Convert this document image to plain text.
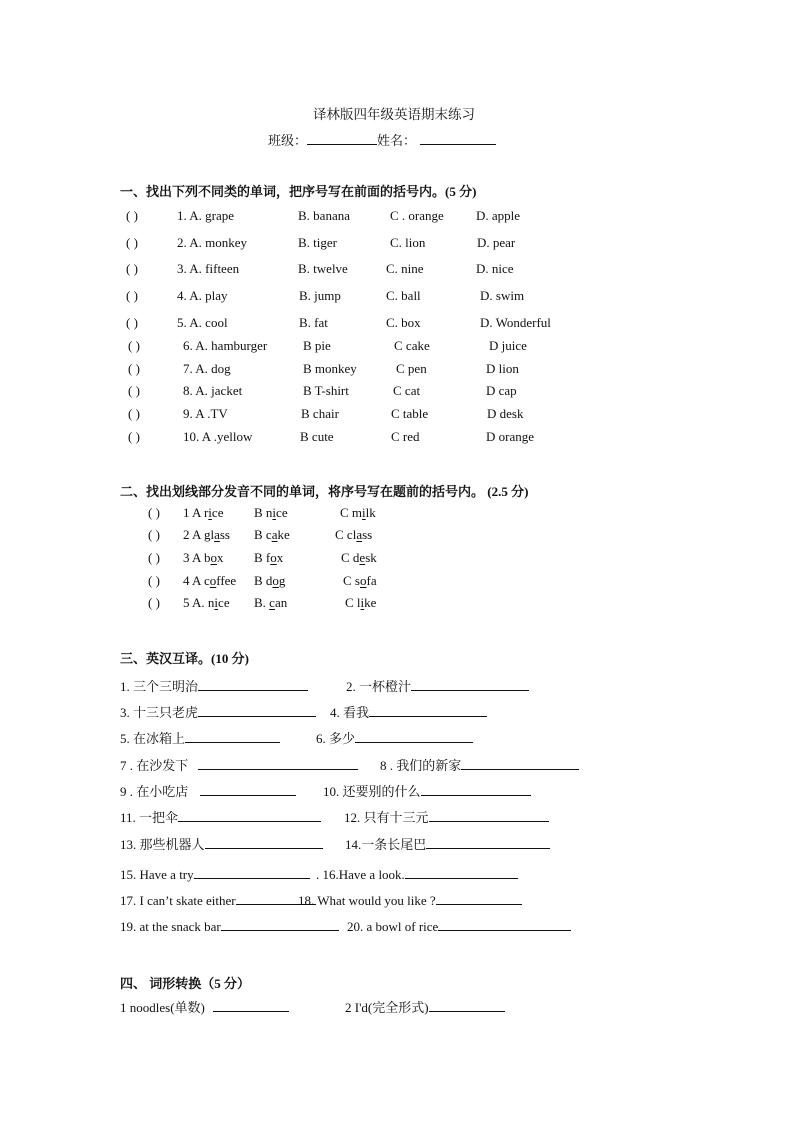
译林版四年级英语期末练习
班级：	姓名：
一、找出下列不同类的单词，把序号写在前面的括号内。(5 分)
( )	1. A. grape	B. banana	C . orange D. apple
( )	2. A. monkey	B. tiger	C. lion	D. pear
( )	3. A. fifteen	B. twelve	C. nine	D. nice
( )	4. A. play	B. jump	C. ball	D. swim
( )	5. A. cool	B. fat	C. box	D. Wonderful
( )	6. A. hamburger	B pie	C cake	D juice
( )	7. A. dog	B monkey	C pen	D lion
( )	8. A. jacket	B T-shirt	C cat	D cap
( )	9. A .TV	B chair	C table	D desk
( )	10. A .yellow	B cute	C red	D orange
二、找出划线部分发音不同的单词，将序号写在题前的括号内。 (2.5 分)
( ) 1 A rice B nice	C milk
( ) 2 A glass B cake	C class
( ) 3 A box B fox	C desk
( ) 4 A coffee B dog	C sofa
( ) 5 A. nice B. can	C like
三、英汉互译。(10 分)
1. 三个三明治	2. 一杯橙汁
3. 十三只老虎	4. 看我
5. 在冰箱上	6. 多少
7 . 在沙发下	8 . 我们的新家
9 . 在小吃店	10. 还要别的什么
11. 一把伞	12. 只有十三元
13. 那些机器人	14.一条长尾巴
15. Have a try	. 16.Have a look.
17. I can’t skate either	18. What would you like ?
19. at the snack bar	20. a bowl of rice
四、 词形转换（5 分）
1 noodles(单数)	2 I'd(完全形式)
